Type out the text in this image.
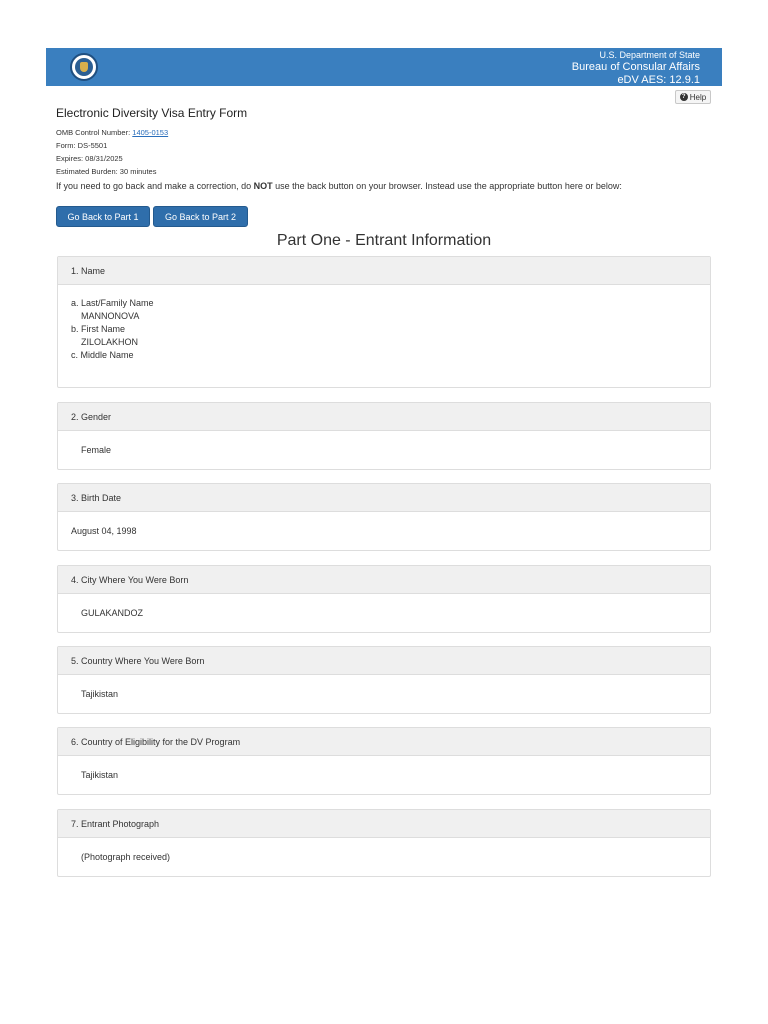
U.S. Department of State
Bureau of Consular Affairs
eDV AES: 12.9.1
? Help
Electronic Diversity Visa Entry Form
OMB Control Number: 1405-0153
Form: DS-5501
Expires: 08/31/2025
Estimated Burden: 30 minutes
If you need to go back and make a correction, do NOT use the back button on your browser. Instead use the appropriate button here or below:
Go Back to Part 1	Go Back to Part 2
Part One - Entrant Information
1. Name
a. Last/Family Name
MANNONOVA
b. First Name
ZILOLAKHON
c. Middle Name
2. Gender
Female
3. Birth Date
August 04, 1998
4. City Where You Were Born
GULAKANDOZ
5. Country Where You Were Born
Tajikistan
6. Country of Eligibility for the DV Program
Tajikistan
7. Entrant Photograph
(Photograph received)
